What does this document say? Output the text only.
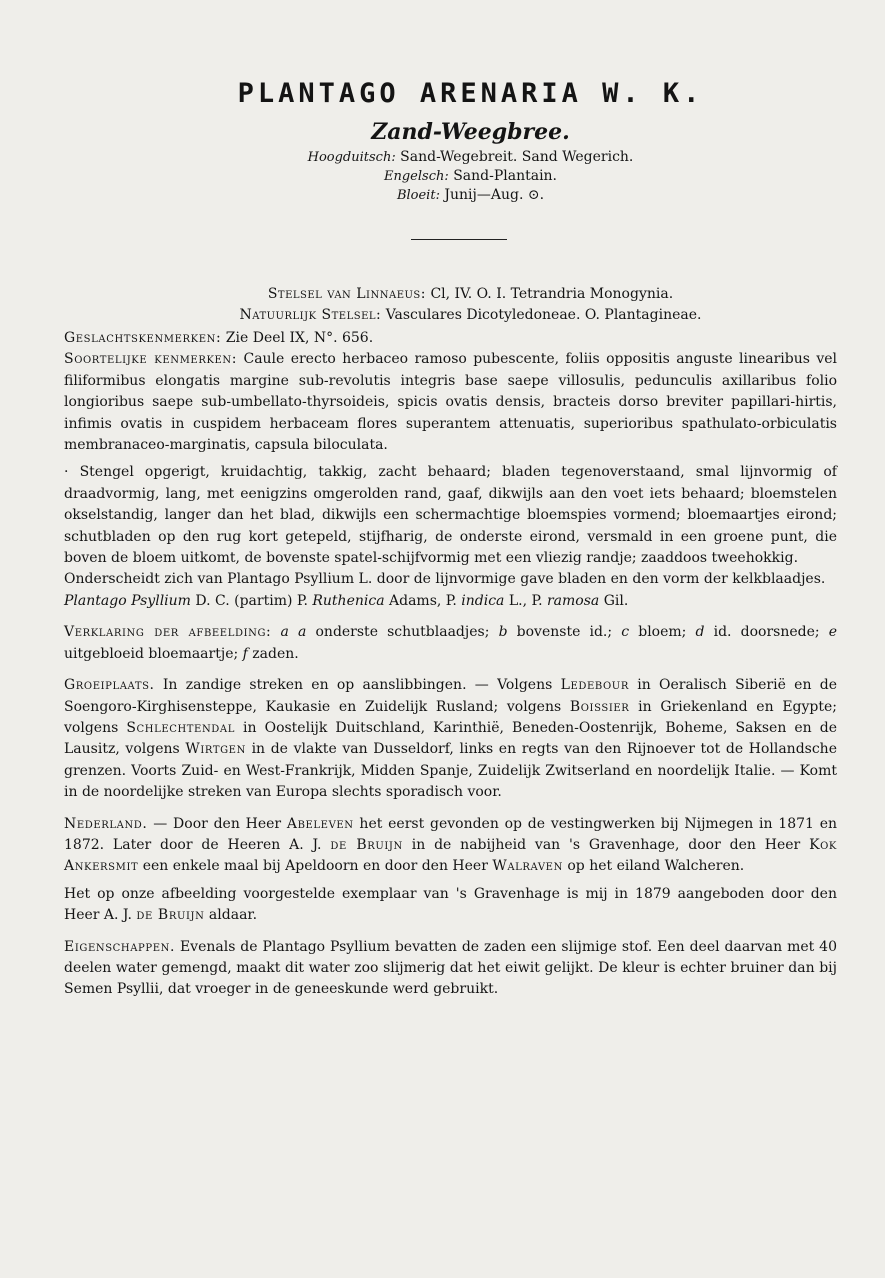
PLANTAGO ARENARIA W. K.
Zand-Weegbree.
Hoogduitsch: Sand-Wegebreit. Sand Wegerich.
Engelsch: Sand-Plantain.
Bloeit: Junij—Aug. ⊙.
Stelsel van Linnaeus: Cl, IV. O. I. Tetrandria Monogynia.
Natuurlijk Stelsel: Vasculares Dicotyledoneae. O. Plantagineae.

Geslachtskenmerken: Zie Deel IX, N°. 656.

Soortelijke kenmerken: Caule erecto herbaceo ramoso pubescente, foliis oppositis anguste linearibus vel filiformibus elongatis margine sub-revolutis integris base saepe villosulis, pedunculis axillaribus folio longioribus saepe sub-umbellato-thyrsoideis, spicis ovatis densis, bracteis dorso breviter papillari-hirtis, infimis ovatis in cuspidem herbaceam flores superantem attenuatis, superioribus spathulato-orbiculatis membranaceo-marginatis, capsula biloculata.

· Stengel opgerigt, kruidachtig, takkig, zacht behaard; bladen tegenoverstaand, smal lijnvormig of draadvormig, lang, met eenigzins omgerolden rand, gaaf, dikwijls aan den voet iets behaard; bloemstelen okselstandig, langer dan het blad, dikwijls een schermachtige bloemspies vormend; bloemaartjes eirond; schutbladen op den rug kort getepeld, stijfharig, de onderste eirond, versmald in een groene punt, die boven de bloem uitkomt, de bovenste spatel-schijfvormig met een vliezig randje; zaaddoos tweehokkig.

Onderscheidt zich van Plantago Psyllium L. door de lijnvormige gave bladen en den vorm der kelkblaadjes.

Plantago Psyllium D. C. (partim) P. Ruthenica Adams, P. indica L., P. ramosa Gil.

Verklaring der afbeelding: a a onderste schutblaadjes; b bovenste id.; c bloem; d id. doorsnede; e uitgebloeid bloemaartje; f zaden.

Groeiplaats. In zandige streken en op aanslibbingen. — Volgens Ledebour in Oeralisch Siberië en de Soengoro-Kirghisensteppe, Kaukasie en Zuidelijk Rusland; volgens Boissier in Griekenland en Egypte; volgens Schlechtendal in Oostelijk Duitschland, Karinthië, Beneden-Oostenrijk, Boheme, Saksen en de Lausitz, volgens Wirtgen in de vlakte van Dusseldorf, links en regts van den Rijnoever tot de Hollandsche grenzen. Voorts Zuid- en West-Frankrijk, Midden Spanje, Zuidelijk Zwitserland en noordelijk Italie. — Komt in de noordelijke streken van Europa slechts sporadisch voor.

Nederland. — Door den Heer Abeleven het eerst gevonden op de vestingwerken bij Nijmegen in 1871 en 1872. Later door de Heeren A. J. de Bruijn in de nabijheid van 's Gravenhage, door den Heer Kok Ankersmit een enkele maal bij Apeldoorn en door den Heer Walraven op het eiland Walcheren.

Het op onze afbeelding voorgestelde exemplaar van 's Gravenhage is mij in 1879 aangeboden door den Heer A. J. de Bruijn aldaar.

Eigenschappen. Evenals de Plantago Psyllium bevatten de zaden een slijmige stof. Een deel daarvan met 40 deelen water gemengd, maakt dit water zoo slijmerig dat het eiwit gelijkt. De kleur is echter bruiner dan bij Semen Psyllii, dat vroeger in de geneeskunde werd gebruikt.
